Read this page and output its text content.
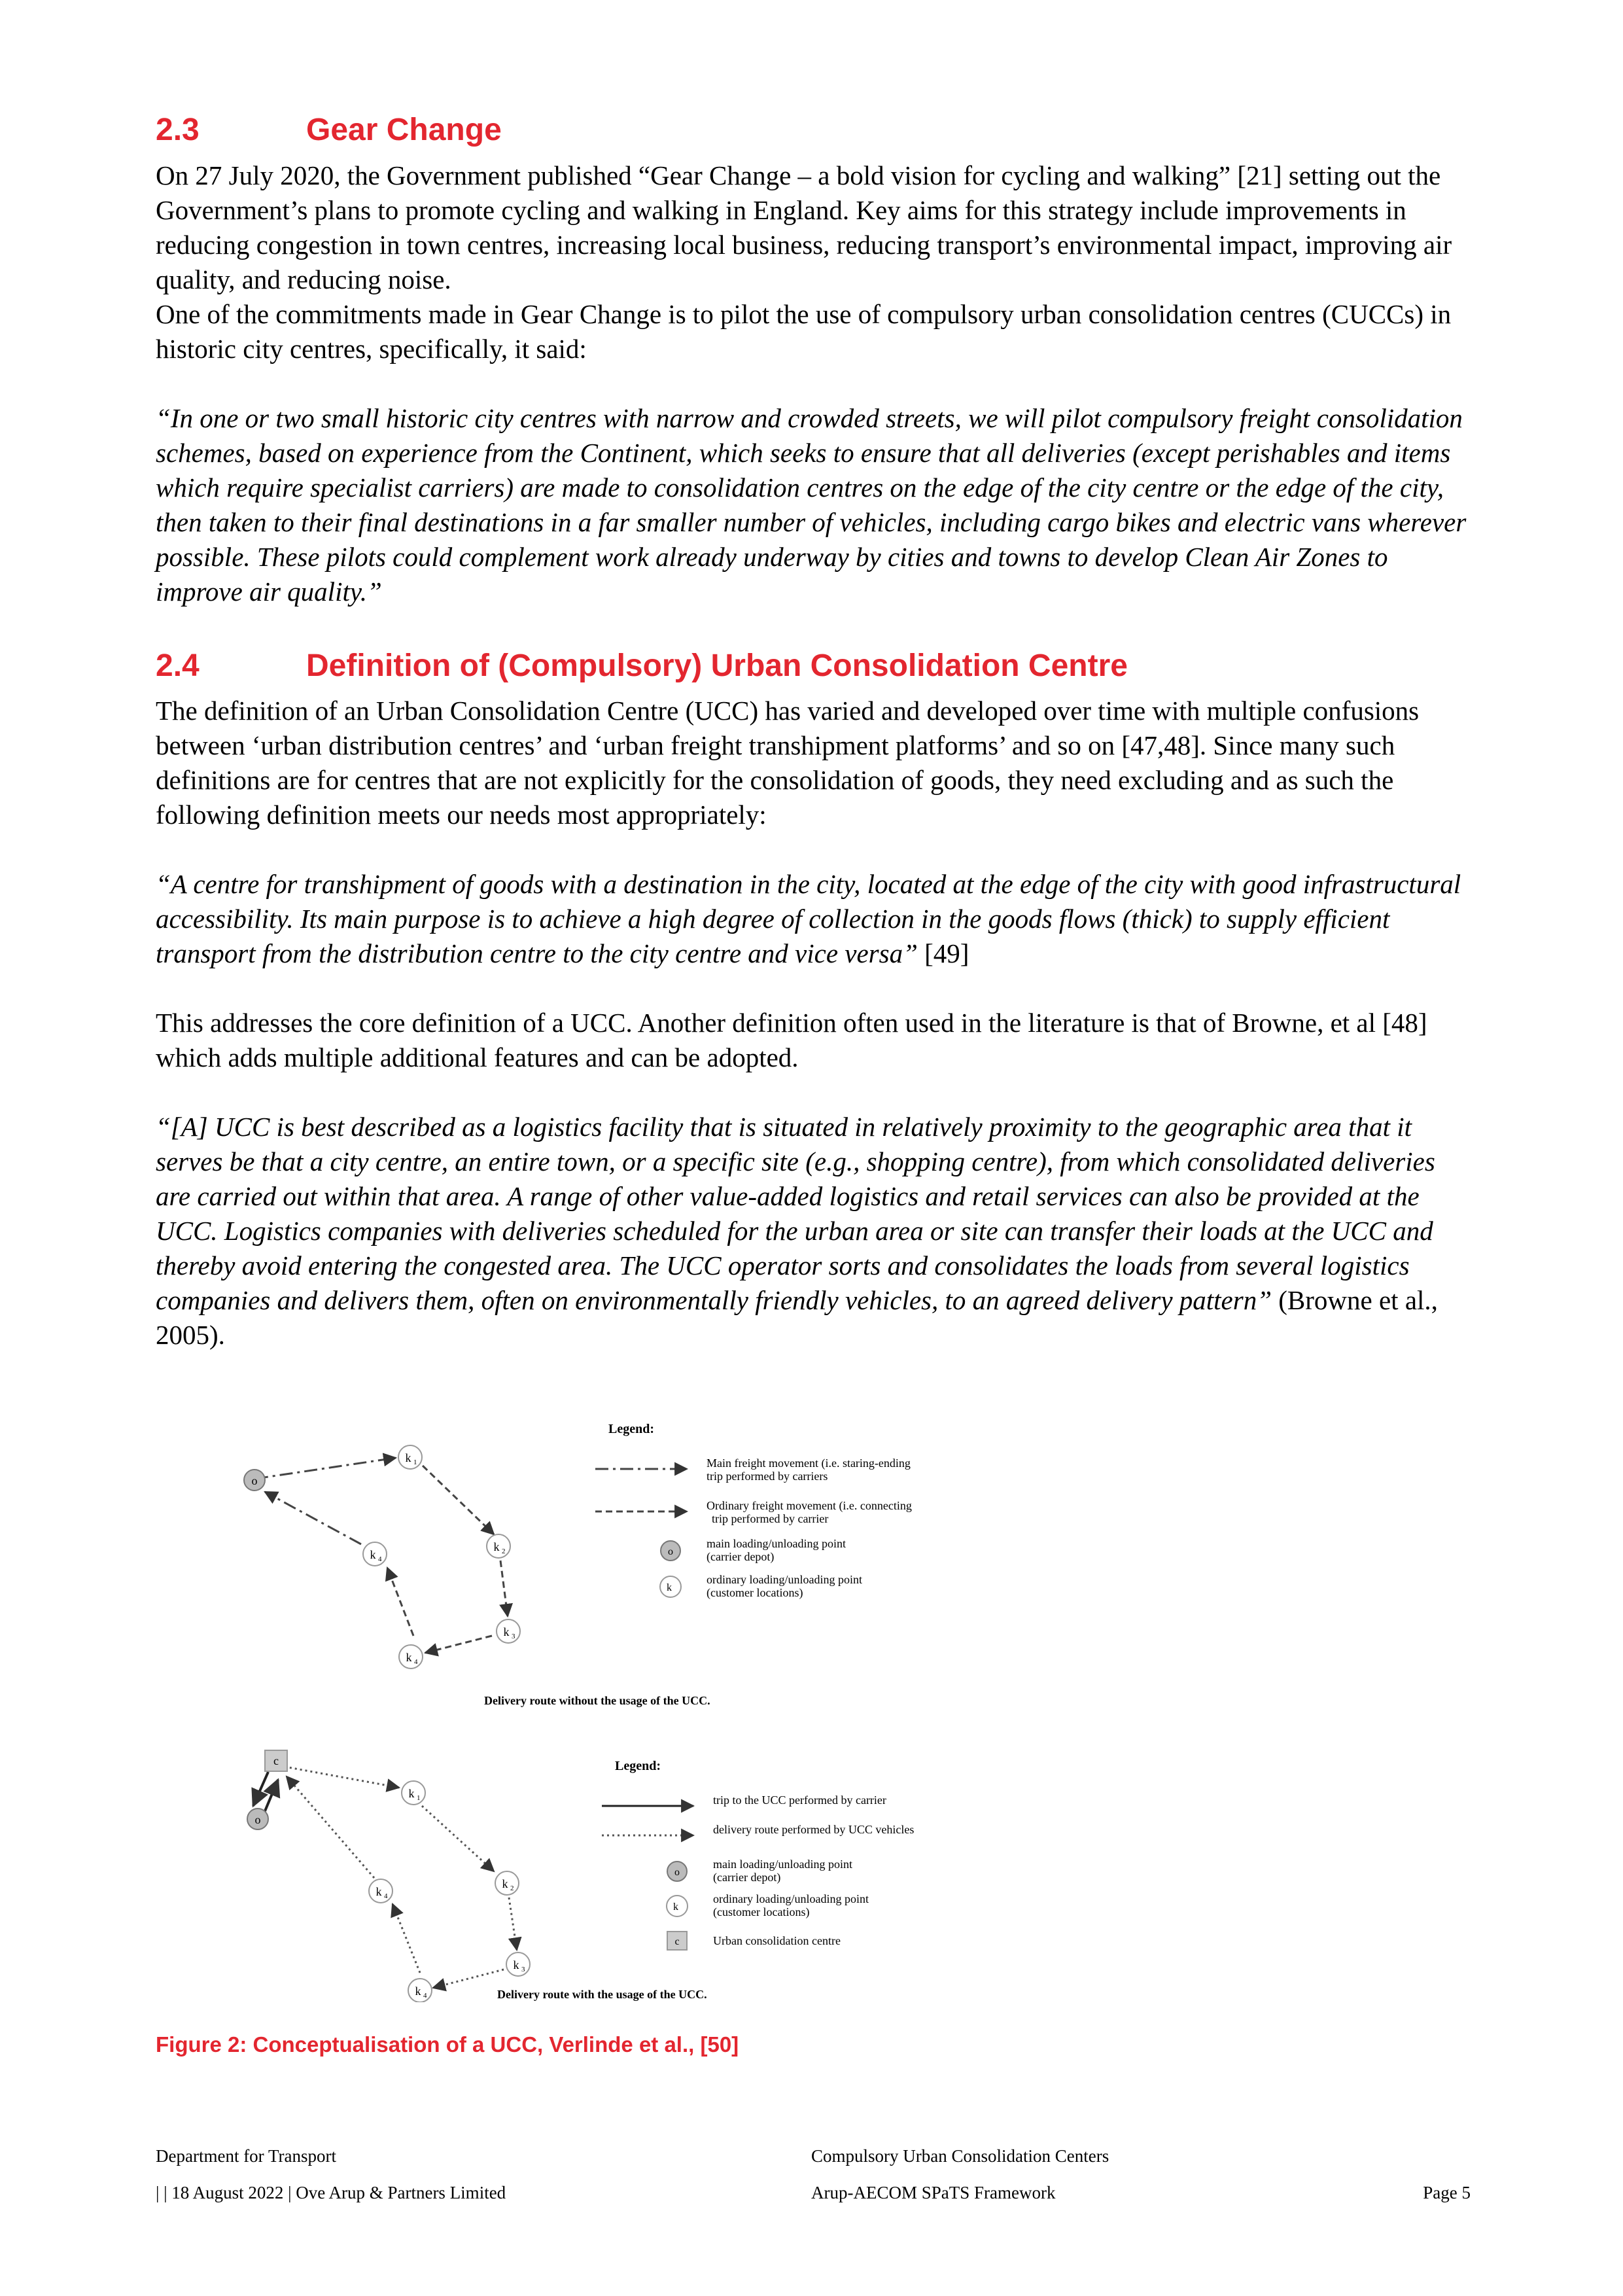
2.3	Gear Change

On 27 July 2020, the Government published “Gear Change – a bold vision for cycling and walking” [21] setting out the Government’s plans to promote cycling and walking in England. Key aims for this strategy include improvements in reducing congestion in town centres, increasing local business, reducing transport’s environmental impact, improving air quality, and reducing noise.

One of the commitments made in Gear Change is to pilot the use of compulsory urban consolidation centres (CUCCs) in historic city centres, specifically, it said:

“In one or two small historic city centres with narrow and crowded streets, we will pilot compulsory freight consolidation schemes, based on experience from the Continent, which seeks to ensure that all deliveries (except perishables and items which require specialist carriers) are made to consolidation centres on the edge of the city centre or the edge of the city, then taken to their final destinations in a far smaller number of vehicles, including cargo bikes and electric vans wherever possible. These pilots could complement work already underway by cities and towns to develop Clean Air Zones to improve air quality.”

2.4	Definition of (Compulsory) Urban Consolidation Centre

The definition of an Urban Consolidation Centre (UCC) has varied and developed over time with multiple confusions between ‘urban distribution centres’ and ‘urban freight transhipment platforms’ and so on [47,48]. Since many such definitions are for centres that are not explicitly for the consolidation of goods, they need excluding and as such the following definition meets our needs most appropriately:

“A centre for transhipment of goods with a destination in the city, located at the edge of the city with good infrastructural accessibility. Its main purpose is to achieve a high degree of collection in the goods flows (thick) to supply efficient transport from the distribution centre to the city centre and vice versa” [49]

This addresses the core definition of a UCC. Another definition often used in the literature is that of Browne, et al [48] which adds multiple additional features and can be adopted.

“[A] UCC is best described as a logistics facility that is situated in relatively proximity to the geographic area that it serves be that a city centre, an entire town, or a specific site (e.g., shopping centre), from which consolidated deliveries are carried out within that area. A range of other value-added logistics and retail services can also be provided at the UCC. Logistics companies with deliveries scheduled for the urban area or site can transfer their loads at the UCC and thereby avoid entering the congested area. The UCC operator sorts and consolidates the loads from several logistics companies and delivers them, often on environmentally friendly vehicles, to an agreed delivery pattern” (Browne et al., 2005).

o
k 1
k 2
k 3
k 4
k 4
Legend:
Main freight movement (i.e. staring-ending
trip performed by carriers
Ordinary freight movement (i.e. connecting
trip performed by carrier
o
main loading/unloading point
(carrier depot)
k
ordinary loading/unloading point
(customer locations)
Delivery route without the usage of the UCC.
c
o
k 1
k 2
k 3
k 4
k 4
Legend:
trip to the UCC performed by carrier
delivery route performed by UCC vehicles
o
main loading/unloading point
(carrier depot)
k
ordinary loading/unloading point
(customer locations)
c	Urban consolidation centre
Delivery route with the usage of the UCC.
Figure 2: Conceptualisation of a UCC, Verlinde et al., [50]
Department for Transport	Compulsory Urban Consolidation Centers
| | 18 August 2022 | Ove Arup & Partners Limited	Arup-AECOM SPaTS Framework	Page 5
